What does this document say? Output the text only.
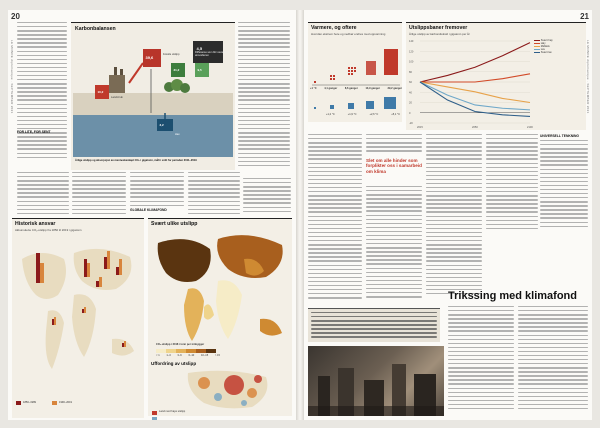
20
LE MONDE diplomatique · SEPTEMBER 2021
FOR LITE, FOR SENT
Karbonbalansen
39,6
10,2
31,2	9,5
3,2
4,5
Fossile utslipp
Differanse som blir værende i atmosfæren
Land-bruk
Hav
Årlige utslipp og absorpsjon av menneskeskapt CO₂ i gigatonn, målt i snitt for perioden 2011–2019
GLOBALE KLIMAFOND
Historisk ansvar
Akkumulerte CO₂-utslipp fra 1850 til 2019 i gigatonn
1850–1989	1990–2019
Svært ulike utslipp
CO₂-utslipp i 2018 i tonn per innbygger
< 1	1–3	3–6	6–10	10–15	> 15
Uffordring av utslipp
Land med høye utslipp
21
LE MONDE diplomatique · SEPTEMBER 2021
Varmere, og oftere
Hvordan ekstrem hete og nedbør endres med oppvarming
+1 °C	4,1 ganger	8,6 ganger	13,9 ganger	39,2 ganger
+1,2 °C	+1,9 °C	+2,6 °C	+5,1 °C
Utslippsbaner fremover
Årlige utslipp av karbondioksid i gigatonn per år
140
120
100
80
60
40
20
0
-20
2015	2050	2100
Svært høy
Høy
Middels
Lav
Svært lav
Slet om alle hinder som forplikter oss i samarbeid om klima
UNIVERSELL TENKNING
Trikssing med klimafond
